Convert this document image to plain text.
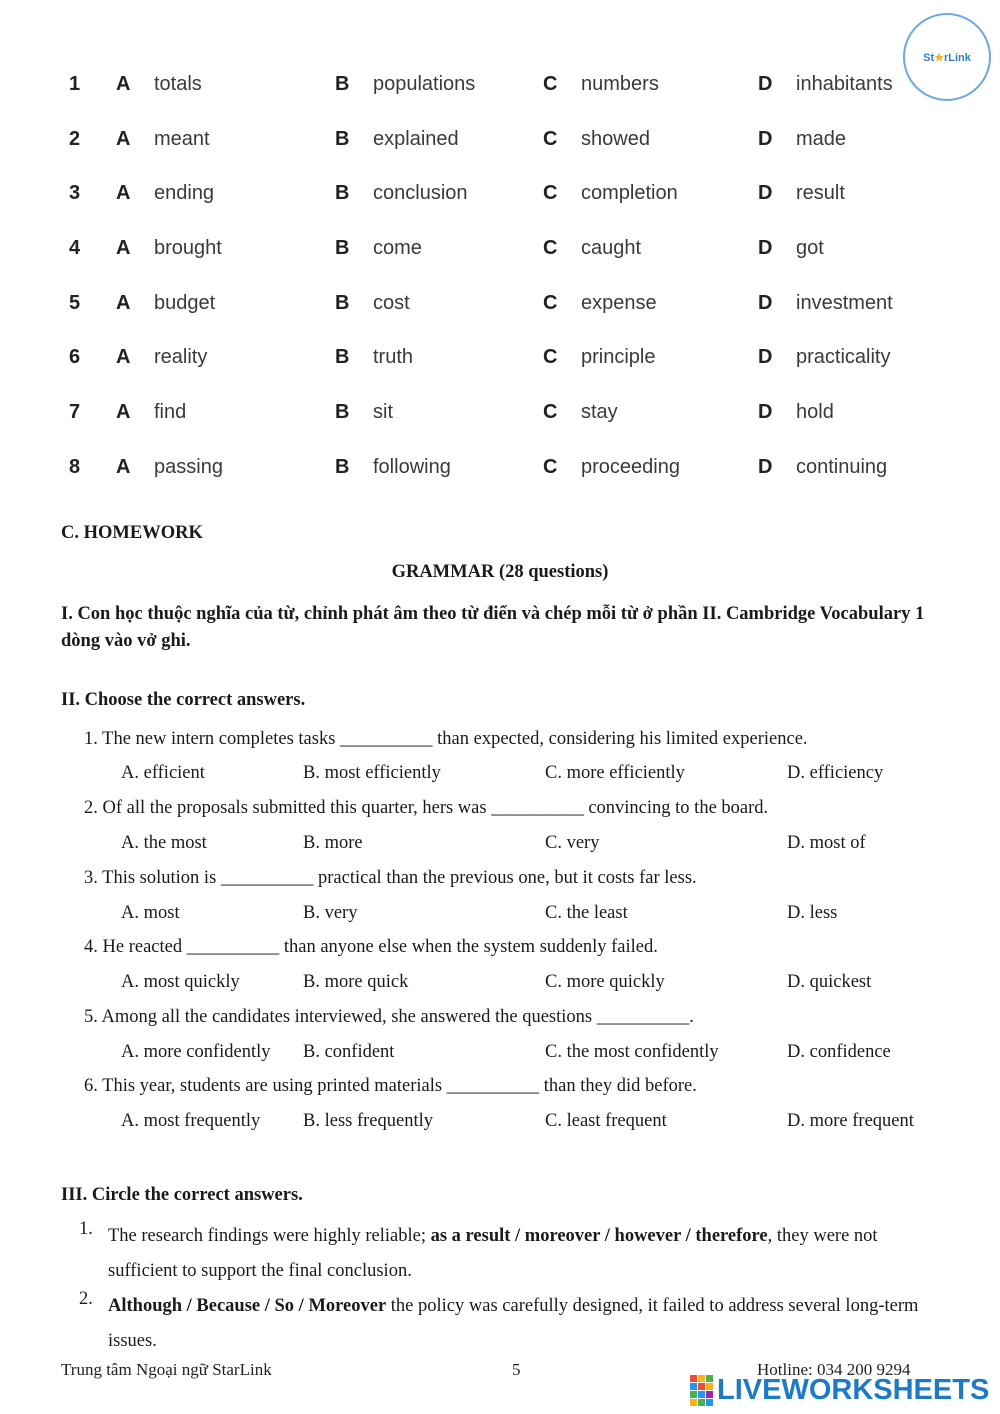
St★rLink
1 A totals	B populations	C numbers	D inhabitants
2 A meant	B explained	C showed	D made
3 A ending	B conclusion	C completion	D result
4 A brought	B come	C caught	D got
5 A budget	B cost	C expense	D investment
6 A reality	B truth	C principle	D practicality
7 A find	B sit	C stay	D hold
8 A passing	B following	C proceeding	D continuing
C. HOMEWORK
GRAMMAR (28 questions)
I. Con học thuộc nghĩa của từ, chỉnh phát âm theo từ điển và chép mỗi từ ở phần II. Cambridge Vocabulary 1 dòng vào vở ghi.
II. Choose the correct answers.
1. The new intern completes tasks __________ than expected, considering his limited experience.
A. efficient	B. most efficiently	C. more efficiently	D. efficiency
2. Of all the proposals submitted this quarter, hers was __________ convincing to the board.
A. the most	B. more	C. very	D. most of
3. This solution is __________ practical than the previous one, but it costs far less.
A. most	B. very	C. the least	D. less
4. He reacted __________ than anyone else when the system suddenly failed.
A. most quickly	B. more quick	C. more quickly	D. quickest
5. Among all the candidates interviewed, she answered the questions __________.
A. more confidently B. confident	C. the most confidently	D. confidence
6. This year, students are using printed materials __________ than they did before.
A. most frequently B. less frequently	C. least frequent	D. more frequent
III. Circle the correct answers.
1. The research findings were highly reliable; as a result / moreover / however / therefore, they were not sufficient to support the final conclusion.
2. Although / Because / So / Moreover the policy was carefully designed, it failed to address several long-term issues.
Trung tâm Ngoại ngữ StarLink	5	Hotline: 034 200 9294
LIVEWORKSHEETS
